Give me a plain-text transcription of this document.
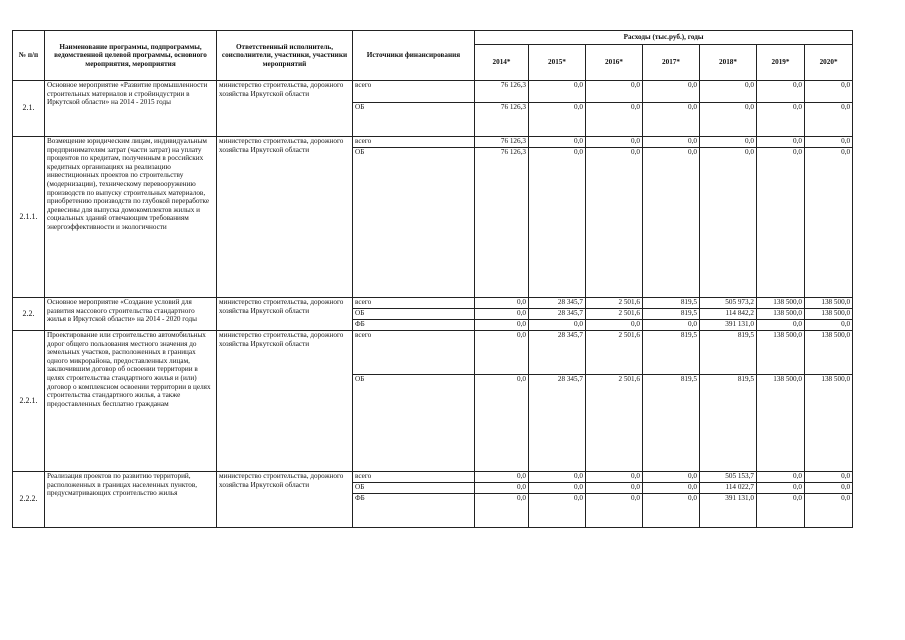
№ п/п	Наименование программы, подпрограммы, ведомственной целевой программы, основного мероприятия, мероприятия	Ответственный исполнитель, соисполнители, участники, участники мероприятий	Источники финансирования	Расходы (тыс.руб.), годы						
				2014*	2015*	2016*	2017*	2018*	2019*	2020*
2.1.	Основное мероприятие «Развитие промышленности строительных материалов и стройиндустрии в Иркутской области» на 2014 - 2015 годы	министерство строительства, дорожного хозяйства Иркутской области	всего	76 126,3	0,0	0,0	0,0	0,0	0,0	0,0
			ОБ	76 126,3	0,0	0,0	0,0	0,0	0,0	0,0
2.1.1.	Возмещение юридическим лицам, индивидуальным предпринимателям затрат (части затрат) на уплату процентов по кредитам, полученным в российских кредитных организациях на реализацию инвестиционных проектов по строительству (модернизации), техническому перевооружению производств по выпуску строительных материалов, приобретению производств по глубокой переработке древесины для выпуска домокомплектов жилых и социальных зданий отвечающим требованиям энергоэффективности и экологичности	министерство строительства, дорожного хозяйства Иркутской области	всего	76 126,3	0,0	0,0	0,0	0,0	0,0	0,0
			ОБ	76 126,3	0,0	0,0	0,0	0,0	0,0	0,0
2.2.	Основное мероприятие «Создание условий для развития массового строительства стандартного жилья в Иркутской области» на 2014 - 2020 годы	министерство строительства, дорожного хозяйства Иркутской области	всего	0,0	28 345,7	2 501,6	819,5	505 973,2	138 500,0	138 500,0
			ОБ	0,0	28 345,7	2 501,6	819,5	114 842,2	138 500,0	138 500,0
			ФБ	0,0	0,0	0,0	0,0	391 131,0	0,0	0,0
2.2.1.	Проектирование или строительство автомобильных дорог общего пользования местного значения до земельных участков, расположенных в границах одного микрорайона, предоставленных лицам, заключившим договор об освоении территории в целях строительства стандартного жилья и (или) договор о комплексном освоении территории в целях строительства стандартного жилья, а также предоставленных бесплатно гражданам	министерство строительства, дорожного хозяйства Иркутской области	всего	0,0	28 345,7	2 501,6	819,5	819,5	138 500,0	138 500,0
			ОБ	0,0	28 345,7	2 501,6	819,5	819,5	138 500,0	138 500,0
2.2.2.	Реализация проектов по развитию территорий, расположенных в границах населенных пунктов, предусматривающих строительство жилья	министерство строительства, дорожного хозяйства Иркутской области	всего	0,0	0,0	0,0	0,0	505 153,7	0,0	0,0
			ОБ	0,0	0,0	0,0	0,0	114 022,7	0,0	0,0
			ФБ	0,0	0,0	0,0	0,0	391 131,0	0,0	0,0
